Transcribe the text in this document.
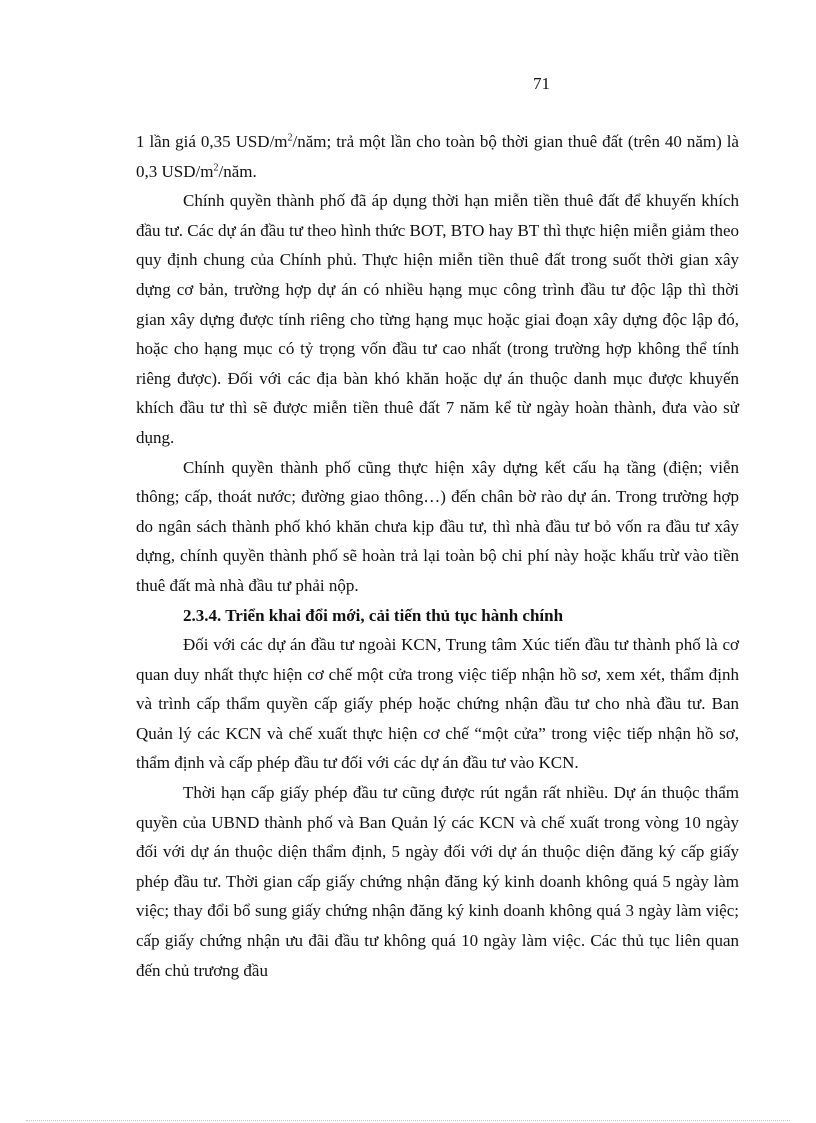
71

1 lần giá 0,35 USD/$m^2$/năm; trả một lần cho toàn bộ thời gian thuê đất (trên 40 năm) là 0,3 USD/$m^2$/năm.

Chính quyền thành phố đã áp dụng thời hạn miễn tiền thuê đất để khuyến khích đầu tư. Các dự án đầu tư theo hình thức BOT, BTO hay BT thì thực hiện miễn giảm theo quy định chung của Chính phủ. Thực hiện miễn tiền thuê đất trong suốt thời gian xây dựng cơ bản, trường hợp dự án có nhiều hạng mục công trình đầu tư độc lập thì thời gian xây dựng được tính riêng cho từng hạng mục hoặc giai đoạn xây dựng độc lập đó, hoặc cho hạng mục có tỷ trọng vốn đầu tư cao nhất (trong trường hợp không thể tính riêng được). Đối với các địa bàn khó khăn hoặc dự án thuộc danh mục được khuyến khích đầu tư thì sẽ được miễn tiền thuê đất 7 năm kể từ ngày hoàn thành, đưa vào sử dụng.

Chính quyền thành phố cũng thực hiện xây dựng kết cấu hạ tầng (điện; viễn thông; cấp, thoát nước; đường giao thông…) đến chân bờ rào dự án. Trong trường hợp do ngân sách thành phố khó khăn chưa kịp đầu tư, thì nhà đầu tư bỏ vốn ra đầu tư xây dựng, chính quyền thành phố sẽ hoàn trả lại toàn bộ chi phí này hoặc khấu trừ vào tiền thuê đất mà nhà đầu tư phải nộp.

2.3.4. Triển khai đổi mới, cải tiến thủ tục hành chính

Đối với các dự án đầu tư ngoài KCN, Trung tâm Xúc tiến đầu tư thành phố là cơ quan duy nhất thực hiện cơ chế một cửa trong việc tiếp nhận hồ sơ, xem xét, thẩm định và trình cấp thẩm quyền cấp giấy phép hoặc chứng nhận đầu tư cho nhà đầu tư. Ban Quản lý các KCN và chế xuất thực hiện cơ chế “một cửa” trong việc tiếp nhận hồ sơ, thẩm định và cấp phép đầu tư đối với các dự án đầu tư vào KCN.

Thời hạn cấp giấy phép đầu tư cũng được rút ngắn rất nhiều. Dự án thuộc thẩm quyền của UBND thành phố và Ban Quản lý các KCN và chế xuất trong vòng 10 ngày đối với dự án thuộc diện thẩm định, 5 ngày đối với dự án thuộc diện đăng ký cấp giấy phép đầu tư. Thời gian cấp giấy chứng nhận đăng ký kinh doanh không quá 5 ngày làm việc; thay đổi bổ sung giấy chứng nhận đăng ký kinh doanh không quá 3 ngày làm việc; cấp giấy chứng nhận ưu đãi đầu tư không quá 10 ngày làm việc. Các thủ tục liên quan đến chủ trương đầu
